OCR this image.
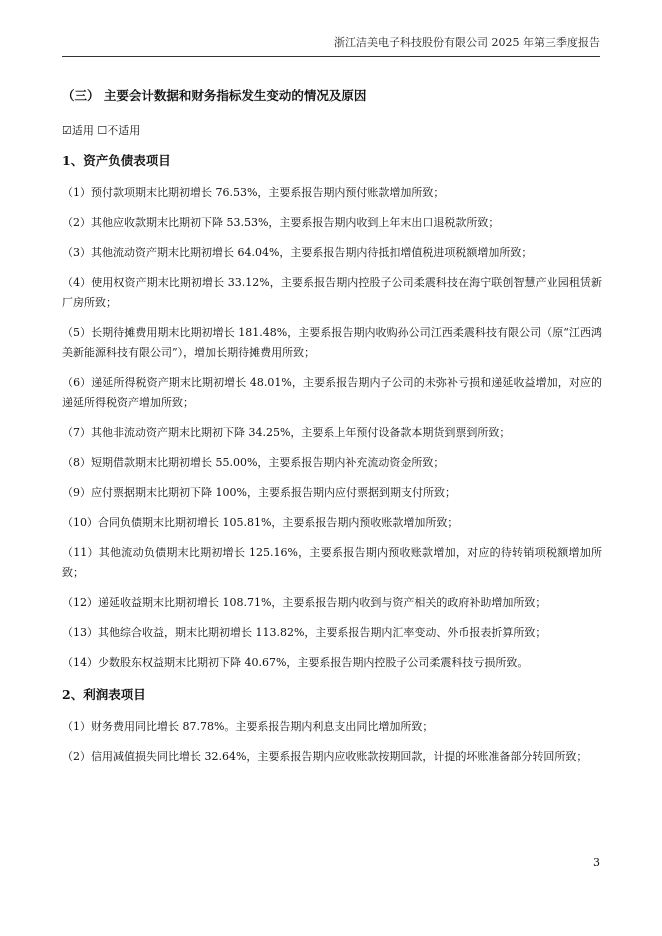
浙江洁美电子科技股份有限公司 2025 年第三季度报告
（三） 主要会计数据和财务指标发生变动的情况及原因
☑适用 ☐不适用
1、资产负债表项目
（1）预付款项期末比期初增长 76.53%，主要系报告期内预付账款增加所致；
（2）其他应收款期末比期初下降 53.53%，主要系报告期内收到上年末出口退税款所致；
（3）其他流动资产期末比期初增长 64.04%，主要系报告期内待抵扣增值税进项税额增加所致；
（4）使用权资产期末比期初增长 33.12%，主要系报告期内控股子公司柔震科技在海宁联创智慧产业园租赁新厂房所致；
（5）长期待摊费用期末比期初增长 181.48%，主要系报告期内收购孙公司江西柔震科技有限公司（原“江西鸿美新能源科技有限公司”），增加长期待摊费用所致；
（6）递延所得税资产期末比期初增长 48.01%，主要系报告期内子公司的未弥补亏损和递延收益增加，对应的递延所得税资产增加所致；
（7）其他非流动资产期末比期初下降 34.25%，主要系上年预付设备款本期货到票到所致；
（8）短期借款期末比期初增长 55.00%，主要系报告期内补充流动资金所致；
（9）应付票据期末比期初下降 100%，主要系报告期内应付票据到期支付所致；
（10）合同负债期末比期初增长 105.81%，主要系报告期内预收账款增加所致；
（11）其他流动负债期末比期初增长 125.16%，主要系报告期内预收账款增加，对应的待转销项税额增加所致；
（12）递延收益期末比期初增长 108.71%，主要系报告期内收到与资产相关的政府补助增加所致；
（13）其他综合收益，期末比期初增长 113.82%，主要系报告期内汇率变动、外币报表折算所致；
（14）少数股东权益期末比期初下降 40.67%，主要系报告期内控股子公司柔震科技亏损所致。
2、利润表项目
（1）财务费用同比增长 87.78%。主要系报告期内利息支出同比增加所致；
（2）信用减值损失同比增长 32.64%，主要系报告期内应收账款按期回款，计提的坏账准备部分转回所致；
3
